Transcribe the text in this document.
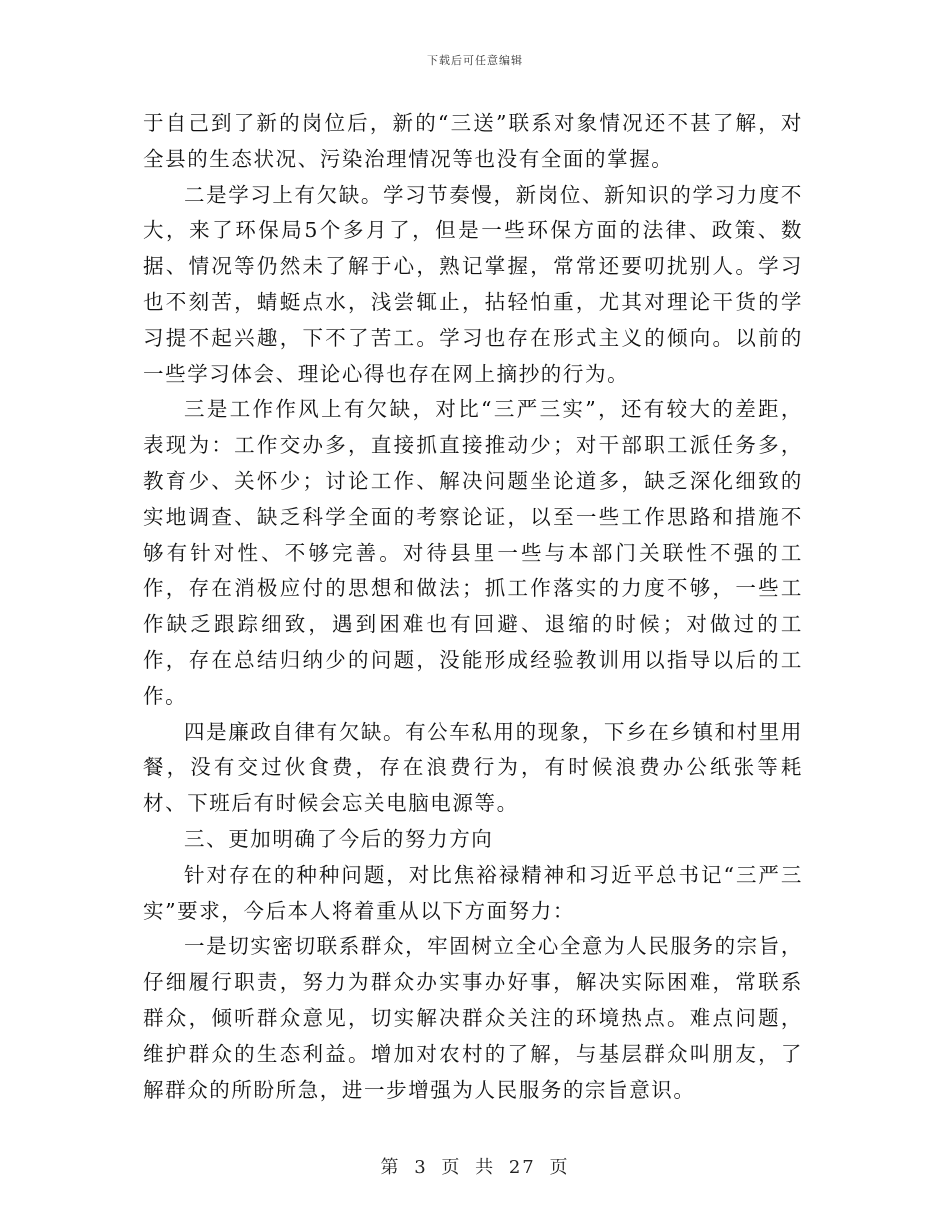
下载后可任意编辑

于自己到了新的岗位后，新的“三送”联系对象情况还不甚了解，对全县的生态状况、污染治理情况等也没有全面的掌握。

二是学习上有欠缺。学习节奏慢，新岗位、新知识的学习力度不大，来了环保局5个多月了，但是一些环保方面的法律、政策、数据、情况等仍然未了解于心，熟记掌握，常常还要叨扰别人。学习也不刻苦，蜻蜓点水，浅尝辄止，拈轻怕重，尤其对理论干货的学习提不起兴趣，下不了苦工。学习也存在形式主义的倾向。以前的一些学习体会、理论心得也存在网上摘抄的行为。

三是工作作风上有欠缺，对比“三严三实”，还有较大的差距，表现为：工作交办多，直接抓直接推动少；对干部职工派任务多，教育少、关怀少；讨论工作、解决问题坐论道多，缺乏深化细致的实地调查、缺乏科学全面的考察论证，以至一些工作思路和措施不够有针对性、不够完善。对待县里一些与本部门关联性不强的工作，存在消极应付的思想和做法；抓工作落实的力度不够，一些工作缺乏跟踪细致，遇到困难也有回避、退缩的时候；对做过的工作，存在总结归纳少的问题，没能形成经验教训用以指导以后的工作。

四是廉政自律有欠缺。有公车私用的现象，下乡在乡镇和村里用餐，没有交过伙食费，存在浪费行为，有时候浪费办公纸张等耗材、下班后有时候会忘关电脑电源等。

三、更加明确了今后的努力方向

针对存在的种种问题，对比焦裕禄精神和习近平总书记“三严三实”要求，今后本人将着重从以下方面努力：

一是切实密切联系群众，牢固树立全心全意为人民服务的宗旨，仔细履行职责，努力为群众办实事办好事，解决实际困难，常联系群众，倾听群众意见，切实解决群众关注的环境热点。难点问题，维护群众的生态利益。增加对农村的了解，与基层群众叫朋友，了解群众的所盼所急，进一步增强为人民服务的宗旨意识。

第 3 页 共 27 页
